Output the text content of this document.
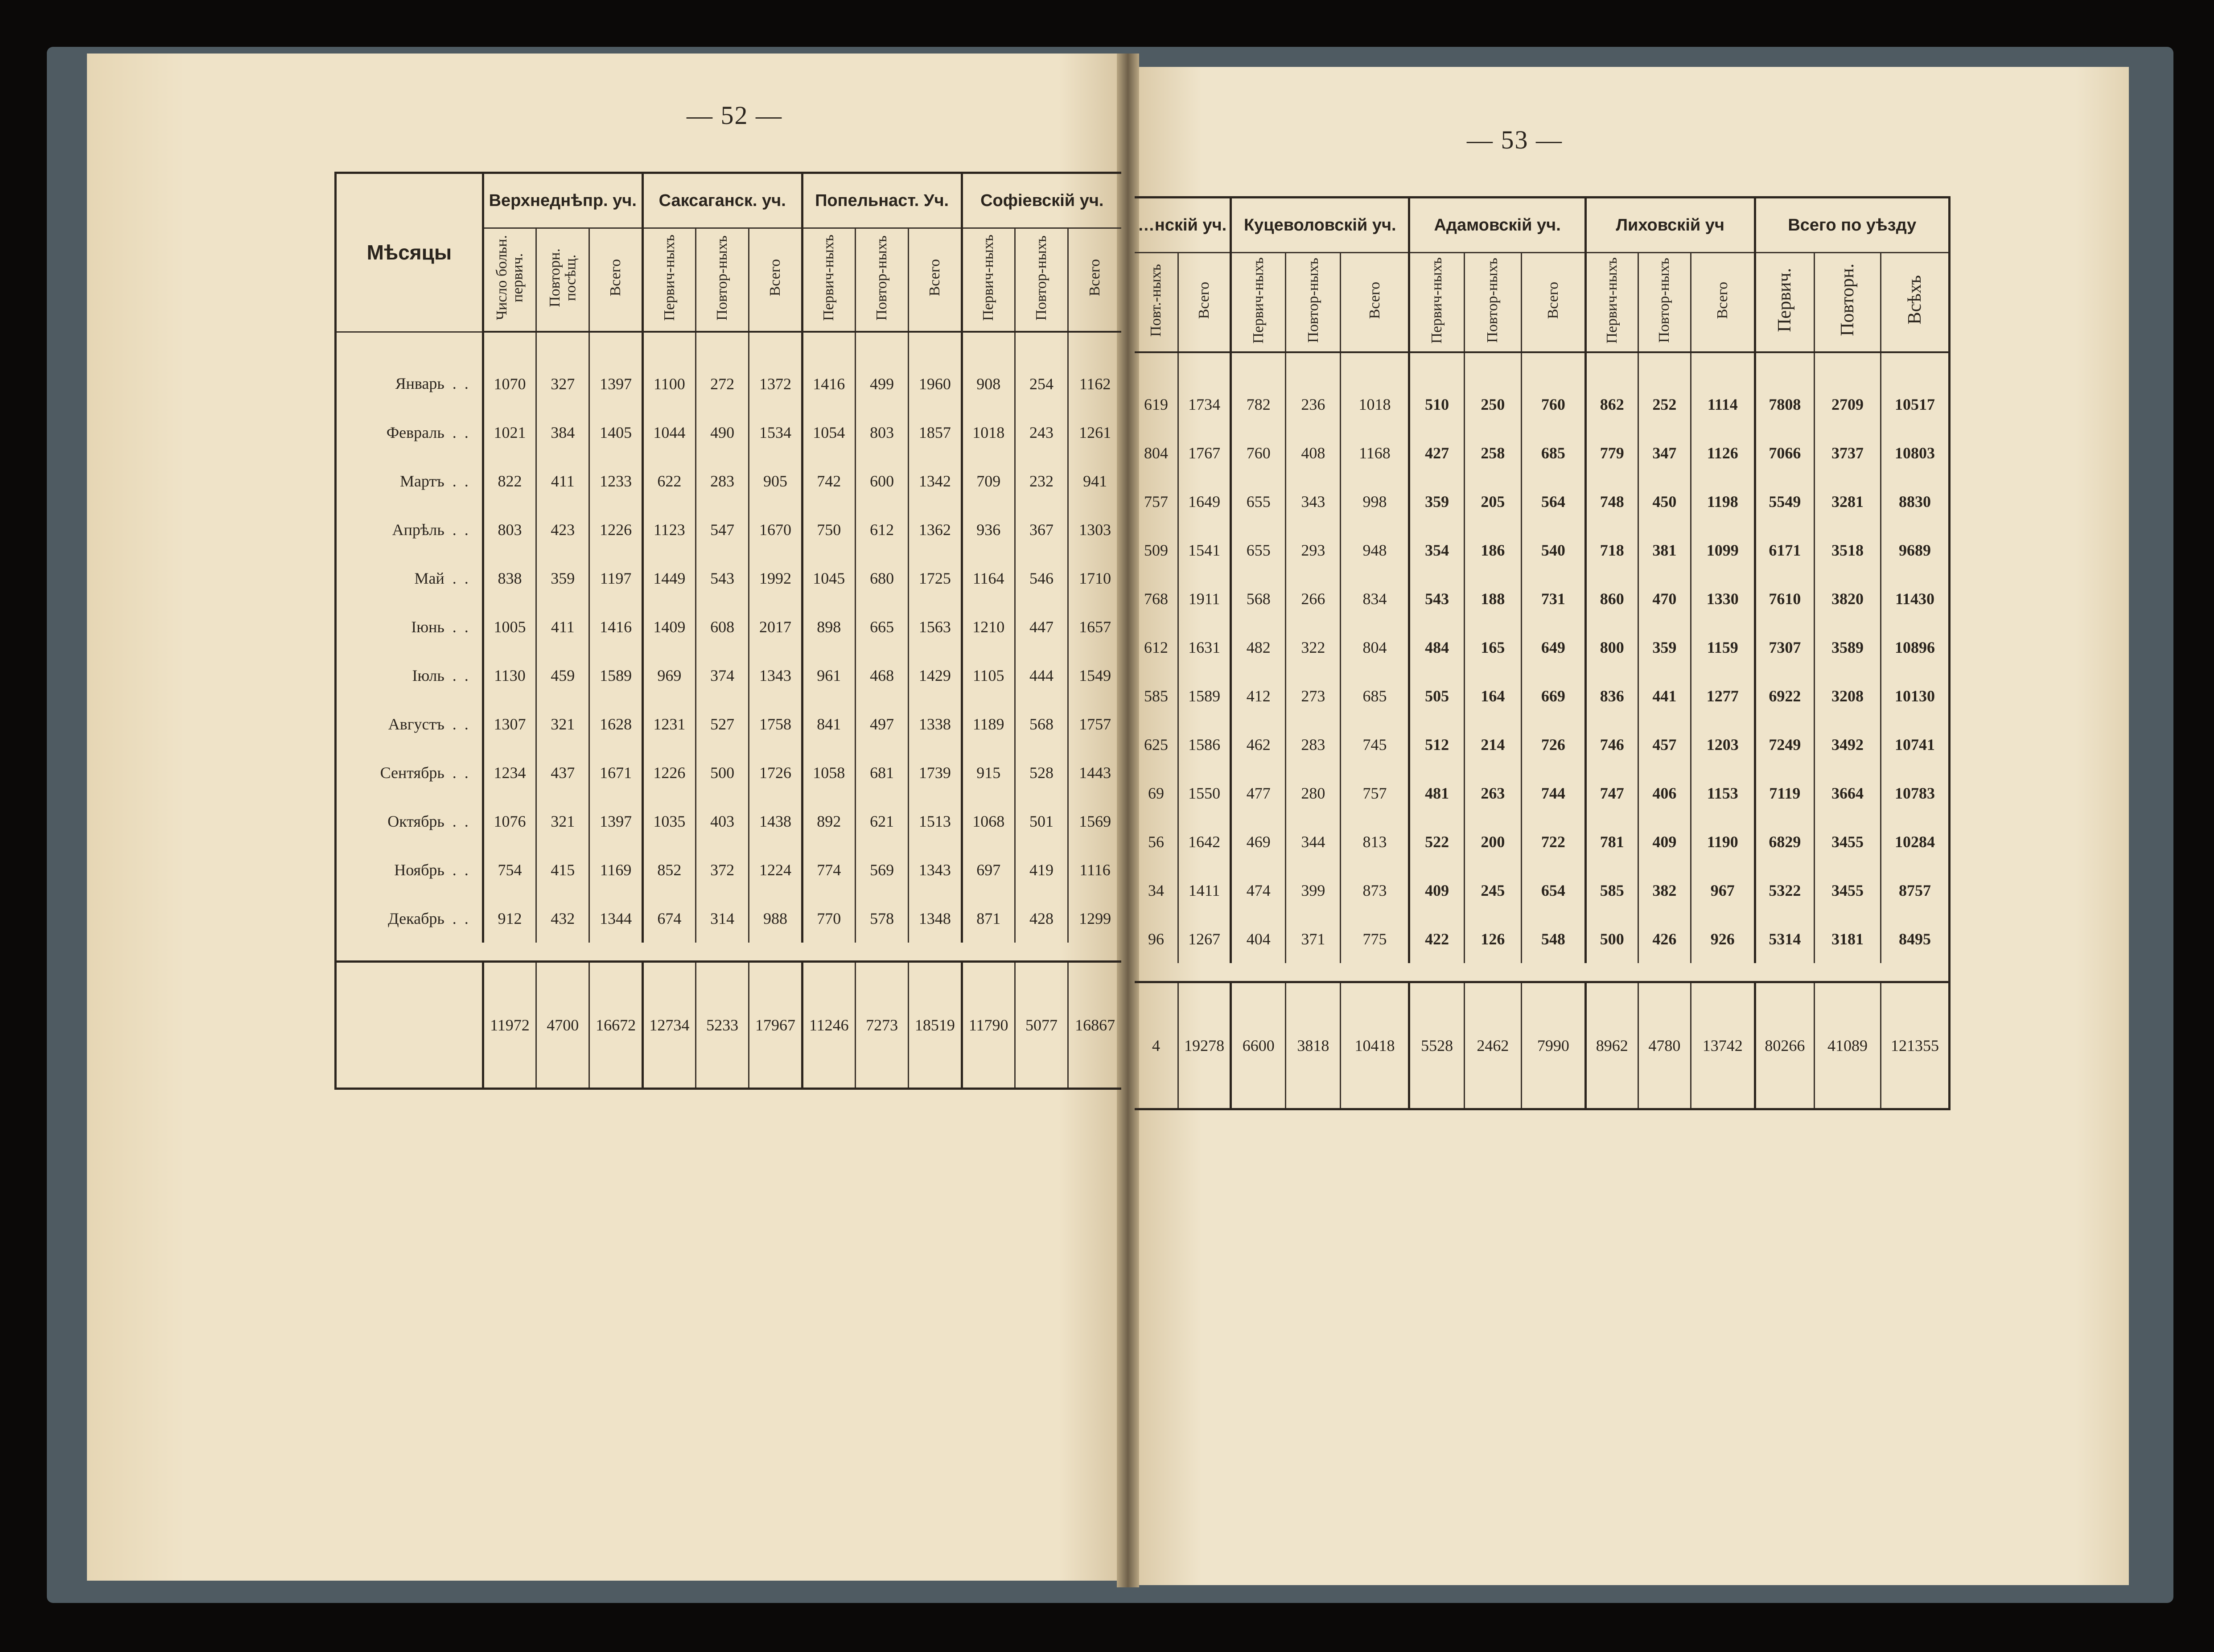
— 52 —
— 53 —
Мѣсяцы	Верхнеднѣпр. уч.			Саксаганск. уч.			Попельнаст. Уч.			Софіевскій уч.		
	Число больн. первич.	Повторн. посѣщ.	Всего	Первич-ныхъ	Повтор-ныхъ	Всего	Первич-ныхъ	Повтор-ныхъ	Всего	Первич-ныхъ	Повтор-ныхъ	Всего
Январь  .  .	1070	327	1397	1100	272	1372	1416	499	1960	908	254	1162
Февраль  .  .	1021	384	1405	1044	490	1534	1054	803	1857	1018	243	1261
Мартъ  .  .	822	411	1233	622	283	905	742	600	1342	709	232	941
Апрѣль  .  .	803	423	1226	1123	547	1670	750	612	1362	936	367	1303
Май  .  .	838	359	1197	1449	543	1992	1045	680	1725	1164	546	1710
Іюнь  .  .	1005	411	1416	1409	608	2017	898	665	1563	1210	447	1657
Іюль  .  .	1130	459	1589	969	374	1343	961	468	1429	1105	444	1549
Августъ  .  .	1307	321	1628	1231	527	1758	841	497	1338	1189	568	1757
Сентябрь  .  .	1234	437	1671	1226	500	1726	1058	681	1739	915	528	1443
Октябрь  .  .	1076	321	1397	1035	403	1438	892	621	1513	1068	501	1569
Ноябрь  .  .	754	415	1169	852	372	1224	774	569	1343	697	419	1116
Декабрь  .  .	912	432	1344	674	314	988	770	578	1348	871	428	1299

	11972	4700	16672	12734	5233	17967	11246	7273	18519	11790	5077	16867
…нскій уч.		Куцеволовскій уч.			Адамовскій уч.			Лиховскій уч			Всего по уѣзду		
Повт.-ныхъ	Всего	Первич-ныхъ	Повтор-ныхъ	Всего	Первич-ныхъ	Повтор-ныхъ	Всего	Первич-ныхъ	Повтор-ныхъ	Всего	Первич.	Повторн.	Всѣхъ
619	1734	782	236	1018	510	250	760	862	252	1114	7808	2709	10517
804	1767	760	408	1168	427	258	685	779	347	1126	7066	3737	10803
757	1649	655	343	998	359	205	564	748	450	1198	5549	3281	8830
509	1541	655	293	948	354	186	540	718	381	1099	6171	3518	9689
768	1911	568	266	834	543	188	731	860	470	1330	7610	3820	11430
612	1631	482	322	804	484	165	649	800	359	1159	7307	3589	10896
585	1589	412	273	685	505	164	669	836	441	1277	6922	3208	10130
625	1586	462	283	745	512	214	726	746	457	1203	7249	3492	10741
69	1550	477	280	757	481	263	744	747	406	1153	7119	3664	10783
56	1642	469	344	813	522	200	722	781	409	1190	6829	3455	10284
34	1411	474	399	873	409	245	654	585	382	967	5322	3455	8757
96	1267	404	371	775	422	126	548	500	426	926	5314	3181	8495

4	19278	6600	3818	10418	5528	2462	7990	8962	4780	13742	80266	41089	121355
